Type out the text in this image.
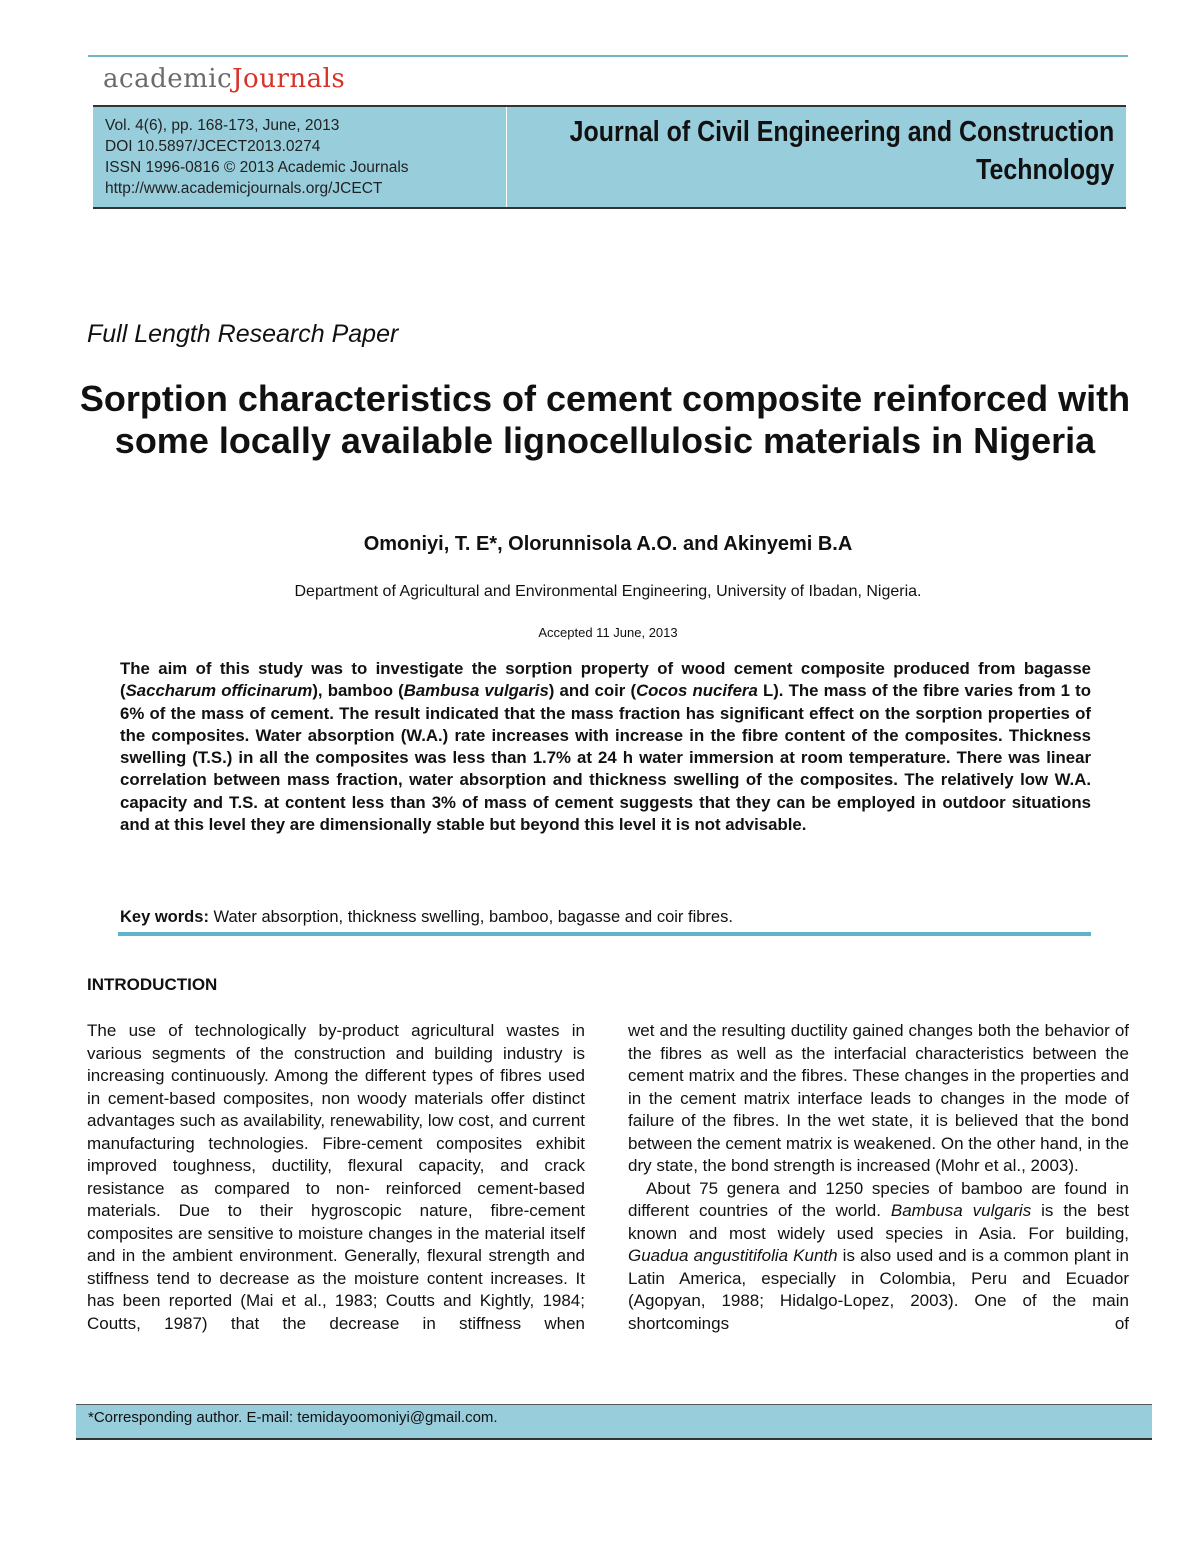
academicJournals
Vol. 4(6), pp. 168-173, June, 2013
DOI 10.5897/JCECT2013.0274
ISSN 1996-0816 © 2013 Academic Journals
http://www.academicjournals.org/JCECT
Journal of Civil Engineering and Construction
Technology
Full Length Research Paper
Sorption characteristics of cement composite reinforced with some locally available lignocellulosic materials in Nigeria
Omoniyi, T. E*, Olorunnisola A.O. and Akinyemi B.A
Department of Agricultural and Environmental Engineering, University of Ibadan, Nigeria.
Accepted 11 June, 2013
The aim of this study was to investigate the sorption property of wood cement composite produced from bagasse (Saccharum officinarum), bamboo (Bambusa vulgaris) and coir (Cocos nucifera L). The mass of the fibre varies from 1 to 6% of the mass of cement. The result indicated that the mass fraction has significant effect on the sorption properties of the composites. Water absorption (W.A.) rate increases with increase in the fibre content of the composites. Thickness swelling (T.S.) in all the composites was less than 1.7% at 24 h water immersion at room temperature. There was linear correlation between mass fraction, water absorption and thickness swelling of the composites. The relatively low W.A. capacity and T.S. at content less than 3% of mass of cement suggests that they can be employed in outdoor situations and at this level they are dimensionally stable but beyond this level it is not advisable.
Key words: Water absorption, thickness swelling, bamboo, bagasse and coir fibres.
INTRODUCTION

The use of technologically by-product agricultural wastes in various segments of the construction and building industry is increasing continuously. Among the different types of fibres used in cement-based composites, non woody materials offer distinct advantages such as availability, renewability, low cost, and current manufacturing technologies. Fibre-cement composites exhibit improved toughness, ductility, flexural capacity, and crack resistance as compared to non- reinforced cement-based materials. Due to their hygroscopic nature, fibre-cement composites are sensitive to moisture changes in the material itself and in the ambient environment. Generally, flexural strength and stiffness tend to decrease as the moisture content increases. It has been reported (Mai et al., 1983; Coutts and Kightly, 1984; Coutts, 1987) that the decrease in stiffness when

wet and the resulting ductility gained changes both the behavior of the fibres as well as the interfacial characteristics between the cement matrix and the fibres. These changes in the properties and in the cement matrix interface leads to changes in the mode of failure of the fibres. In the wet state, it is believed that the bond between the cement matrix is weakened. On the other hand, in the dry state, the bond strength is increased (Mohr et al., 2003).

About 75 genera and 1250 species of bamboo are found in different countries of the world. Bambusa vulgaris is the best known and most widely used species in Asia. For building, Guadua angustitifolia Kunth is also used and is a common plant in Latin America, especially in Colombia, Peru and Ecuador (Agopyan, 1988; Hidalgo-Lopez, 2003). One of the main shortcomings of

*Corresponding author. E-mail: temidayoomoniyi@gmail.com.
